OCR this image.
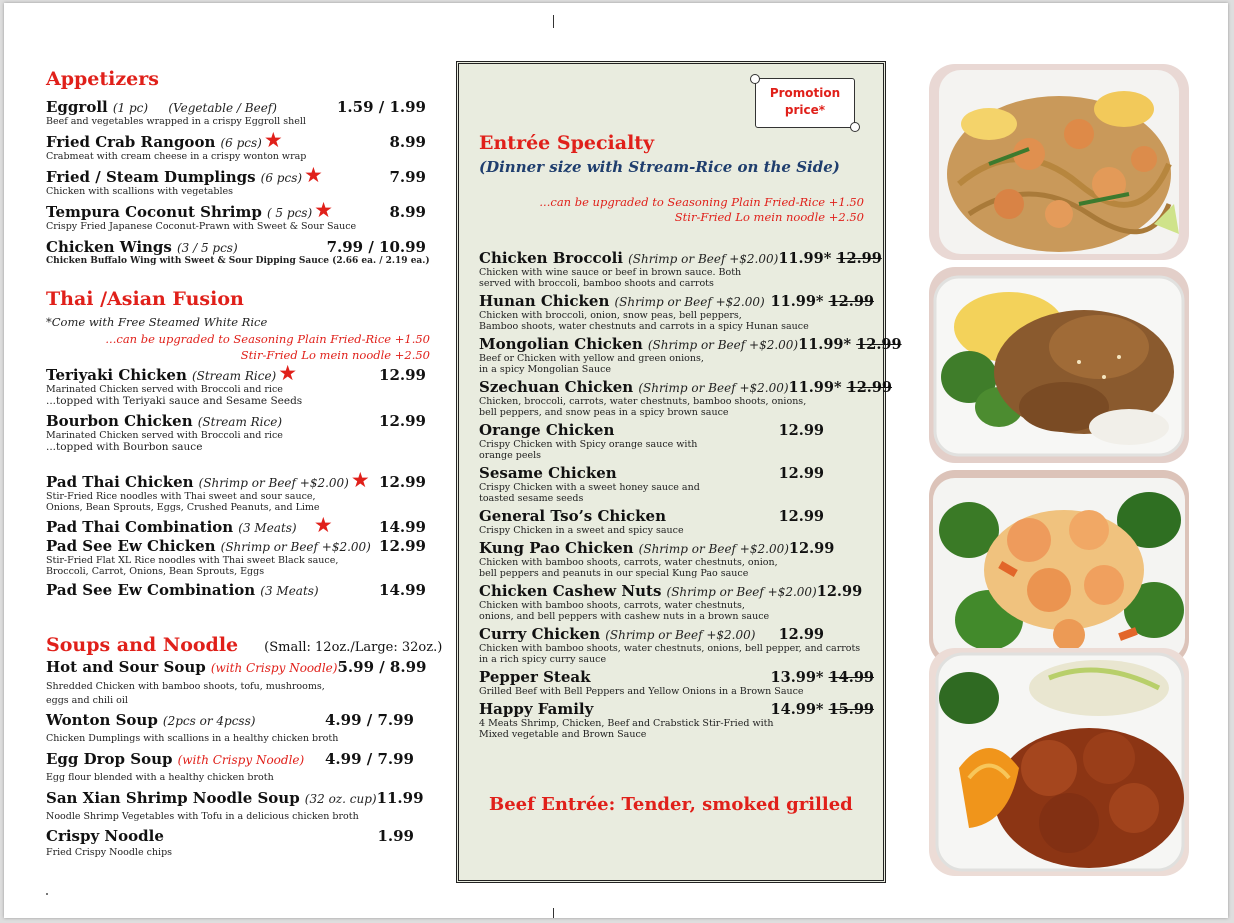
Appetizers
Eggroll (1 pc) (Vegetable / Beef)	1.59 / 1.99
Beef and vegetables wrapped in a crispy Eggroll shell
Fried Crab Rangoon (6 pcs)★	8.99
Crabmeat with cream cheese in a crispy wonton wrap
Fried / Steam Dumplings (6 pcs)★	7.99
Chicken with scallions with vegetables
Tempura Coconut Shrimp ( 5 pcs)★	8.99
Crispy Fried Japanese Coconut-Prawn with Sweet & Sour Sauce
Chicken Wings (3 / 5 pcs)	7.99 / 10.99
Chicken Buffalo Wing with Sweet & Sour Dipping Sauce (2.66 ea. / 2.19 ea.)
Thai /Asian Fusion
*Come with Free Steamed White Rice
...can be upgraded to Seasoning Plain Fried-Rice +1.50
Stir-Fried Lo mein noodle +2.50
Teriyaki Chicken (Stream Rice)★	12.99
Marinated Chicken served with Broccoli and rice
...topped with Teriyaki sauce and Sesame Seeds
Bourbon Chicken (Stream Rice)	12.99
Marinated Chicken served with Broccoli and rice
...topped with Bourbon sauce
Pad Thai Chicken (Shrimp or Beef +$2.00)★ 12.99
Stir-Fried Rice noodles with Thai sweet and sour sauce,
Onions, Bean Sprouts, Eggs, Crushed Peanuts, and Lime
Pad Thai Combination (3 Meats) ★	14.99
Pad See Ew Chicken (Shrimp or Beef +$2.00) 12.99
Stir-Fried Flat XL Rice noodles with Thai sweet Black sauce,
Broccoli, Carrot, Onions, Bean Sprouts, Eggs
Pad See Ew Combination (3 Meats)	14.99
Soups and Noodle (Small: 12oz./Large: 32oz.)
Hot and Sour Soup (with Crispy Noodle) 5.99 / 8.99
Shredded Chicken with bamboo shoots, tofu, mushrooms,
eggs and chili oil
Wonton Soup (2pcs or 4pcss)	4.99 / 7.99
Chicken Dumplings with scallions in a healthy chicken broth
Egg Drop Soup (with Crispy Noodle) 4.99 / 7.99
Egg flour blended with a healthy chicken broth
San Xian Shrimp Noodle Soup (32 oz. cup) 11.99
Noodle Shrimp Vegetables with Tofu in a delicious chicken broth
Crispy Noodle	1.99
Fried Crispy Noodle chips
Promotion
price*
Entrée Specialty
(Dinner size with Stream-Rice on the Side)
...can be upgraded to Seasoning Plain Fried-Rice +1.50
Stir-Fried Lo mein noodle +2.50
Chicken Broccoli (Shrimp or Beef +$2.00) 11.99* 12.99
Chicken with wine sauce or beef in brown sauce. Both
served with broccoli, bamboo shoots and carrots
Hunan Chicken (Shrimp or Beef +$2.00) 11.99* 12.99
Chicken with broccoli, onion, snow peas, bell peppers,
Bamboo shoots, water chestnuts and carrots in a spicy Hunan sauce
Mongolian Chicken (Shrimp or Beef +$2.00) 11.99* 12.99
Beef or Chicken with yellow and green onions,
in a spicy Mongolian Sauce
Szechuan Chicken (Shrimp or Beef +$2.00) 11.99* 12.99
Chicken, broccoli, carrots, water chestnuts, bamboo shoots, onions,
bell peppers, and snow peas in a spicy brown sauce
Orange Chicken	12.99
Crispy Chicken with Spicy orange sauce with
orange peels
Sesame Chicken	12.99
Crispy Chicken with a sweet honey sauce and
toasted sesame seeds
General Tso’s Chicken	12.99
Crispy Chicken in a sweet and spicy sauce
Kung Pao Chicken (Shrimp or Beef +$2.00) 12.99
Chicken with bamboo shoots, carrots, water chestnuts, onion,
bell peppers and peanuts in our special Kung Pao sauce
Chicken Cashew Nuts (Shrimp or Beef +$2.00) 12.99
Chicken with bamboo shoots, carrots, water chestnuts,
onions, and bell peppers with cashew nuts in a brown sauce
Curry Chicken (Shrimp or Beef +$2.00) 12.99
Chicken with bamboo shoots, water chestnuts, onions, bell pepper, and carrots
in a rich spicy curry sauce
Pepper Steak	13.99* 14.99
Grilled Beef with Bell Peppers and Yellow Onions in a Brown Sauce
Happy Family	14.99* 15.99
4 Meats Shrimp, Chicken, Beef and Crabstick Stir-Fried with
Mixed vegetable and Brown Sauce
Beef Entrée: Tender, smoked grilled
